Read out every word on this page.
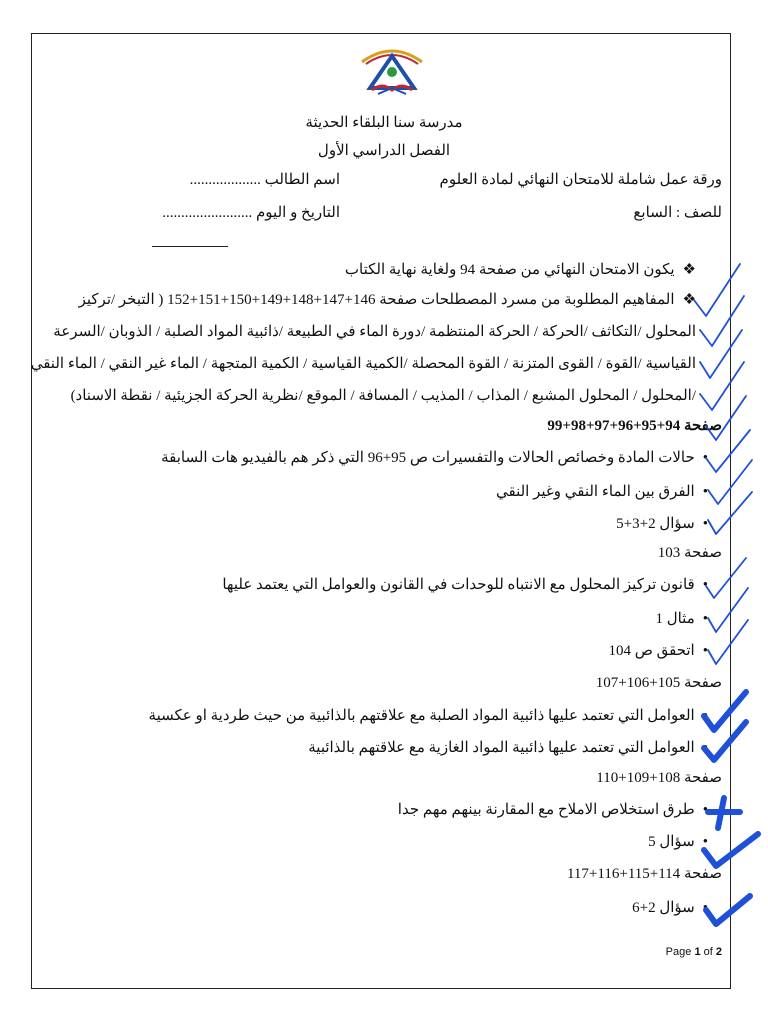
مدرسة سنا البلقاء الحديثة
الفصل الدراسي الأول
ورقة عمل شاملة للامتحان النهائي لمادة العلوم
اسم الطالب ...................
للصف : السابع
التاريخ و اليوم ........................
❖يكون الامتحان النهائي من صفحة 94 ولغاية نهاية الكتاب
❖المفاهيم المطلوبة من مسرد المصطلحات صفحة 146+147+148+149+150+151+152 ( التبخر /تركيز
المحلول /التكاثف /الحركة / الحركة المنتظمة /دورة الماء في الطبيعة /ذائبية المواد الصلبة / الذوبان /السرعة
القياسية /القوة / القوى المتزنة / القوة المحصلة /الكمية القياسية / الكمية المتجهة / الماء غير النقي / الماء النقي
/المحلول / المحلول المشبع / المذاب / المذيب / المسافة / الموقع /نظرية الحركة الجزيئية / نقطة الاسناد)
صفحة 94+95+96+97+98+99
•حالات المادة وخصائص الحالات والتفسيرات ص 95+96 التي ذكر هم بالفيديو هات السابقة
•الفرق بين الماء النقي وغير النقي
•سؤال 2+3+5
صفحة 103
•قانون تركيز المحلول مع الانتباه للوحدات في القانون والعوامل التي يعتمد عليها
•مثال 1
•اتحقق ص 104
صفحة 105+106+107
•العوامل التي تعتمد عليها ذائبية المواد الصلبة مع علاقتهم بالذائبية من حيث طردية او عكسية
•العوامل التي تعتمد عليها ذائبية المواد الغازية مع علاقتهم بالذائبية
صفحة 108+109+110
•طرق استخلاص الاملاح مع المقارنة بينهم مهم جدا
•سؤال 5
صفحة 114+115+116+117
•سؤال 2+6
Page 1 of 2
